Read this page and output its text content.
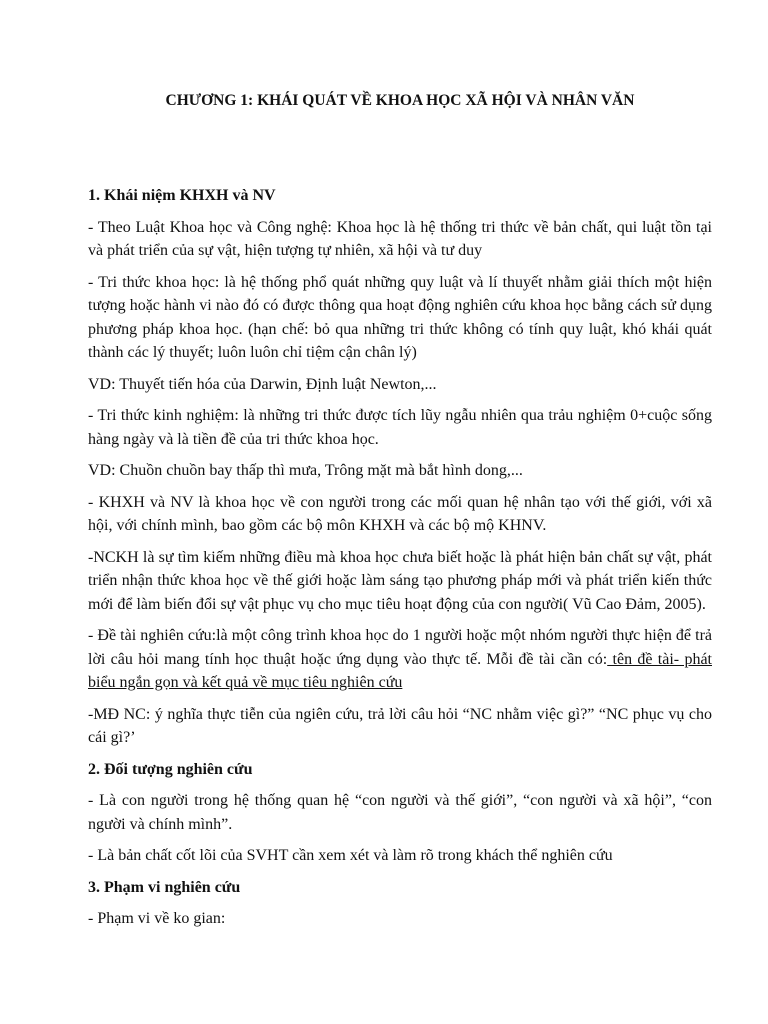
CHƯƠNG 1: KHÁI QUÁT VỀ KHOA HỌC XÃ HỘI VÀ NHÂN VĂN
1. Khái niệm KHXH và NV

- Theo Luật Khoa học và Công nghệ: Khoa học là hệ thống tri thức về bản chất, qui luật tồn tại và phát triển của sự vật, hiện tượng tự nhiên, xã hội và tư duy

- Tri thức khoa học: là hệ thống phổ quát những quy luật và lí thuyết nhằm giải thích một hiện tượng hoặc hành vi nào đó có được thông qua hoạt động nghiên cứu khoa học bằng cách sử dụng phương pháp khoa học. (hạn chế: bỏ qua những tri thức không có tính quy luật, khó khái quát thành các lý thuyết; luôn luôn chỉ tiệm cận chân lý)

VD: Thuyết tiến hóa của Darwin, Định luật Newton,...

- Tri thức kinh nghiệm: là những tri thức được tích lũy ngẫu nhiên qua trảu nghiệm 0+cuộc sống hàng ngày và là tiền đề của tri thức khoa học.

VD: Chuồn chuồn bay thấp thì mưa, Trông mặt mà bắt hình dong,...

- KHXH và NV là khoa học về con người trong các mối quan hệ nhân tạo với thế giới, với xã hội, với chính mình, bao gồm các bộ môn KHXH và các bộ mộ KHNV.

-NCKH là sự tìm kiếm những điều mà khoa học chưa biết hoặc là phát hiện bản chất sự vật, phát triển nhận thức khoa học về thế giới hoặc làm sáng tạo phương pháp mới và phát triển kiến thức mới để làm biến đổi sự vật phục vụ cho mục tiêu hoạt động của con người( Vũ Cao Đảm, 2005).

- Đề tài nghiên cứu:là một công trình khoa học do 1 người hoặc một nhóm người thực hiện để trả lời câu hỏi mang tính học thuật hoặc ứng dụng vào thực tế. Mỗi đề tài cần có: tên đề tài- phát biểu ngắn gọn và kết quả về mục tiêu nghiên cứu

-MĐ NC: ý nghĩa thực tiễn của ngiên cứu, trả lời câu hỏi “NC nhằm việc gì?” “NC phục vụ cho cái gì?’

2. Đối tượng nghiên cứu

- Là con người trong hệ thống quan hệ “con người và thế giới”, “con người và xã hội”, “con người và chính mình”.

- Là bản chất cốt lõi của SVHT cần xem xét và làm rõ trong khách thể nghiên cứu

3. Phạm vi nghiên cứu

- Phạm vi về ko gian:
